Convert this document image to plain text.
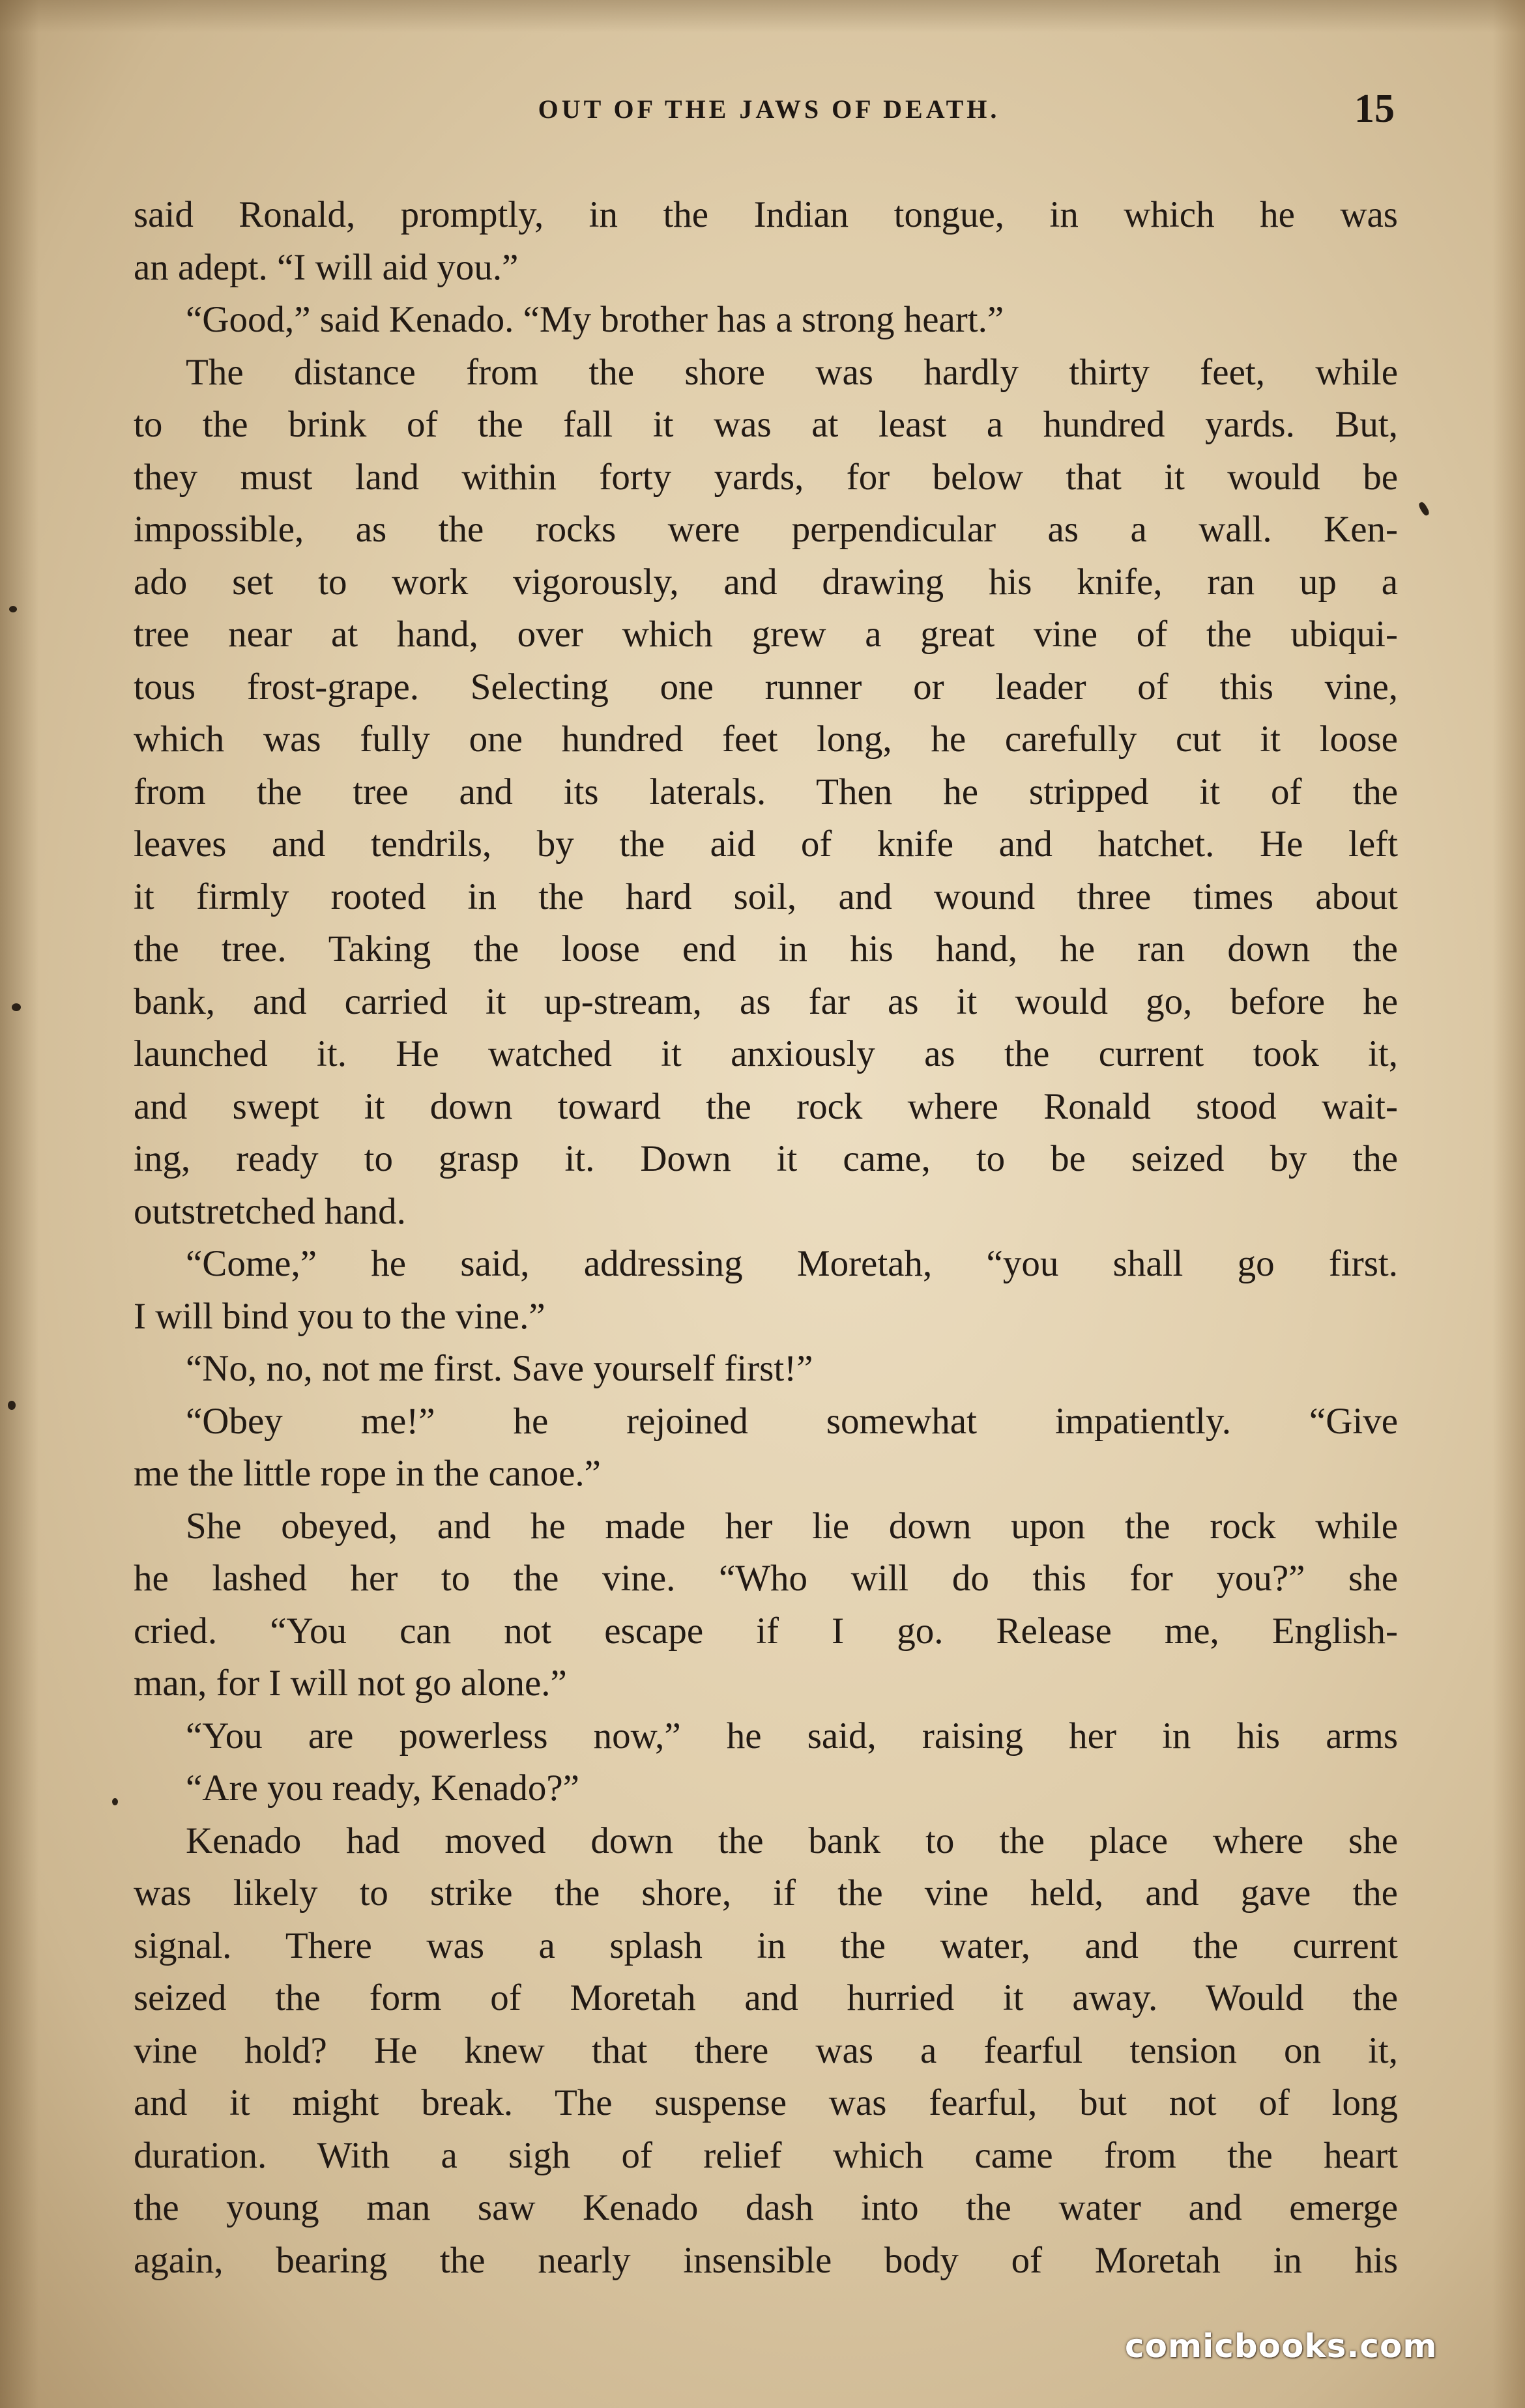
OUT OF THE JAWS OF DEATH.	15
said Ronald, promptly, in the Indian tongue, in which he was
an adept. “I will aid you.”
“Good,” said Kenado. “My brother has a strong heart.”
The distance from the shore was hardly thirty feet, while
to the brink of the fall it was at least a hundred yards. But,
they must land within forty yards, for below that it would be
impossible, as the rocks were perpendicular as a wall. Ken-
ado set to work vigorously, and drawing his knife, ran up a
tree near at hand, over which grew a great vine of the ubiqui-
tous frost-grape. Selecting one runner or leader of this vine,
which was fully one hundred feet long, he carefully cut it loose
from the tree and its laterals. Then he stripped it of the
leaves and tendrils, by the aid of knife and hatchet. He left
it firmly rooted in the hard soil, and wound three times about
the tree. Taking the loose end in his hand, he ran down the
bank, and carried it up-stream, as far as it would go, before he
launched it. He watched it anxiously as the current took it,
and swept it down toward the rock where Ronald stood wait-
ing, ready to grasp it. Down it came, to be seized by the
outstretched hand.
“Come,” he said, addressing Moretah, “you shall go first.
I will bind you to the vine.”
“No, no, not me first. Save yourself first!”
“Obey me!” he rejoined somewhat impatiently. “Give
me the little rope in the canoe.”
She obeyed, and he made her lie down upon the rock while
he lashed her to the vine. “Who will do this for you?” she
cried. “You can not escape if I go. Release me, English-
man, for I will not go alone.”
“You are powerless now,” he said, raising her in his arms
“Are you ready, Kenado?”
Kenado had moved down the bank to the place where she
was likely to strike the shore, if the vine held, and gave the
signal. There was a splash in the water, and the current
seized the form of Moretah and hurried it away. Would the
vine hold? He knew that there was a fearful tension on it,
and it might break. The suspense was fearful, but not of long
duration. With a sigh of relief which came from the heart
the young man saw Kenado dash into the water and emerge
again, bearing the nearly insensible body of Moretah in his
comicbooks.com
